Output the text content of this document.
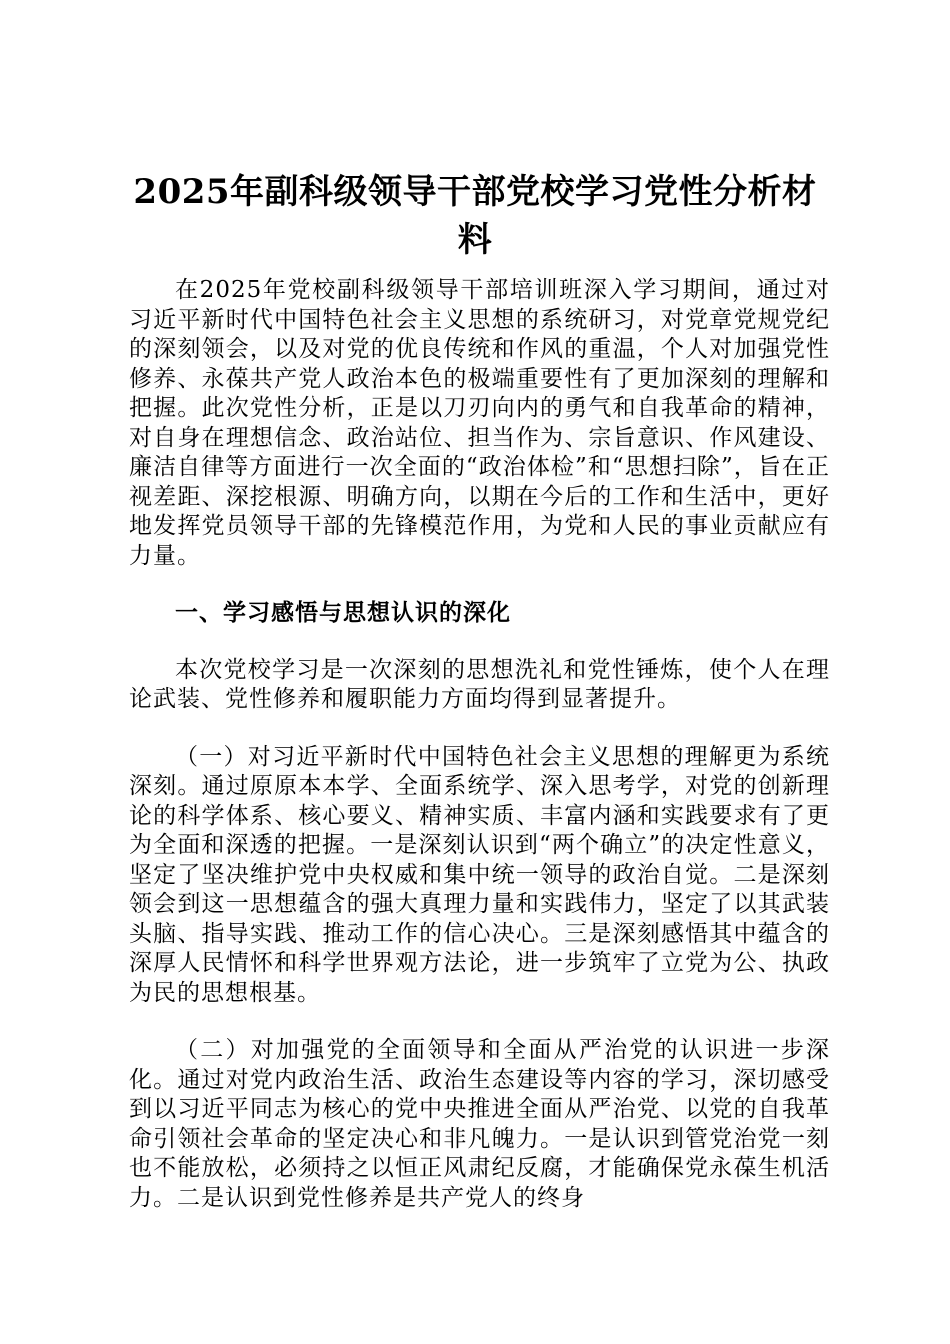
2025年副科级领导干部党校学习党性分析材料

在2025年党校副科级领导干部培训班深入学习期间，通过对习近平新时代中国特色社会主义思想的系统研习，对党章党规党纪的深刻领会，以及对党的优良传统和作风的重温，个人对加强党性修养、永葆共产党人政治本色的极端重要性有了更加深刻的理解和把握。此次党性分析，正是以刀刃向内的勇气和自我革命的精神，对自身在理想信念、政治站位、担当作为、宗旨意识、作风建设、廉洁自律等方面进行一次全面的“政治体检”和“思想扫除”，旨在正视差距、深挖根源、明确方向，以期在今后的工作和生活中，更好地发挥党员领导干部的先锋模范作用，为党和人民的事业贡献应有力量。

一、学习感悟与思想认识的深化

本次党校学习是一次深刻的思想洗礼和党性锤炼，使个人在理论武装、党性修养和履职能力方面均得到显著提升。

（一）对习近平新时代中国特色社会主义思想的理解更为系统深刻。通过原原本本学、全面系统学、深入思考学，对党的创新理论的科学体系、核心要义、精神实质、丰富内涵和实践要求有了更为全面和深透的把握。一是深刻认识到“两个确立”的决定性意义，坚定了坚决维护党中央权威和集中统一领导的政治自觉。二是深刻领会到这一思想蕴含的强大真理力量和实践伟力，坚定了以其武装头脑、指导实践、推动工作的信心决心。三是深刻感悟其中蕴含的深厚人民情怀和科学世界观方法论，进一步筑牢了立党为公、执政为民的思想根基。

（二）对加强党的全面领导和全面从严治党的认识进一步深化。通过对党内政治生活、政治生态建设等内容的学习，深切感受到以习近平同志为核心的党中央推进全面从严治党、以党的自我革命引领社会革命的坚定决心和非凡魄力。一是认识到管党治党一刻也不能放松，必须持之以恒正风肃纪反腐，才能确保党永葆生机活力。二是认识到党性修养是共产党人的终身
